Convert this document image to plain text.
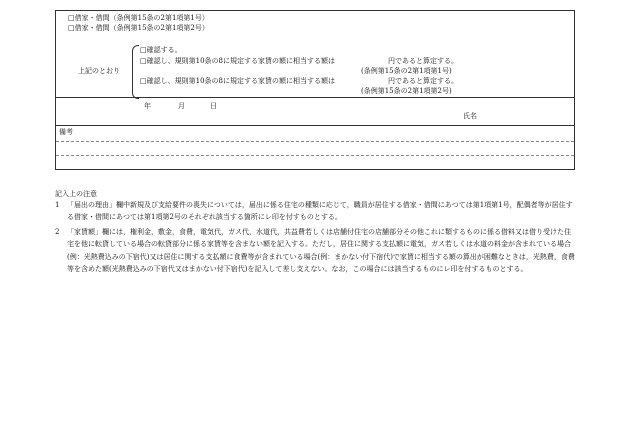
□借家・借間（条例第15条の2第1項第1号）
□借家・借間（条例第15条の2第1項第2号）
上記のとおり
□確認する。
□確認し、規則第10条の8に規定する家賃の額に相当する額は	円であると算定する。
(条例第15条の2第1項第1号)
□確認し、規則第10条の8に規定する家賃の額に相当する額は	円であると算定する。
(条例第15条の2第1項第2号)
年	月	日
氏名
備考
記入上の注意
1 「届出の理由」欄中新規及び支給要件の喪失については，届出に係る住宅の種類に応じて，職員が居住する借家・借間にあつては第1項第1号，配偶者等が居住する借家・借間にあつては第1項第2号のそれぞれ該当する箇所にレ印を付すものとする。
2 「家賃額」欄には，権利金，敷金，食費，電気代，ガス代，水道代，共益費若しくは店舗付住宅の店舗部分その他これに類するものに係る借料又は借り受けた住宅を他に転貸している場合の転貸部分に係る家賃等を含まない額を記入する。ただし，居住に関する支払額に電気，ガス若しくは水道の料金が含まれている場合(例：光熱費込みの下宿代)又は居住に関する支払額に食費等が含まれている場合(例：まかない付下宿代)で家賃に相当する額の算出が困難なときは，光熱費，食費等を含めた額(光熱費込みの下宿代又はまかない付下宿代)を記入して差し支えない。なお，この場合には該当するものにレ印を付するものとする。
